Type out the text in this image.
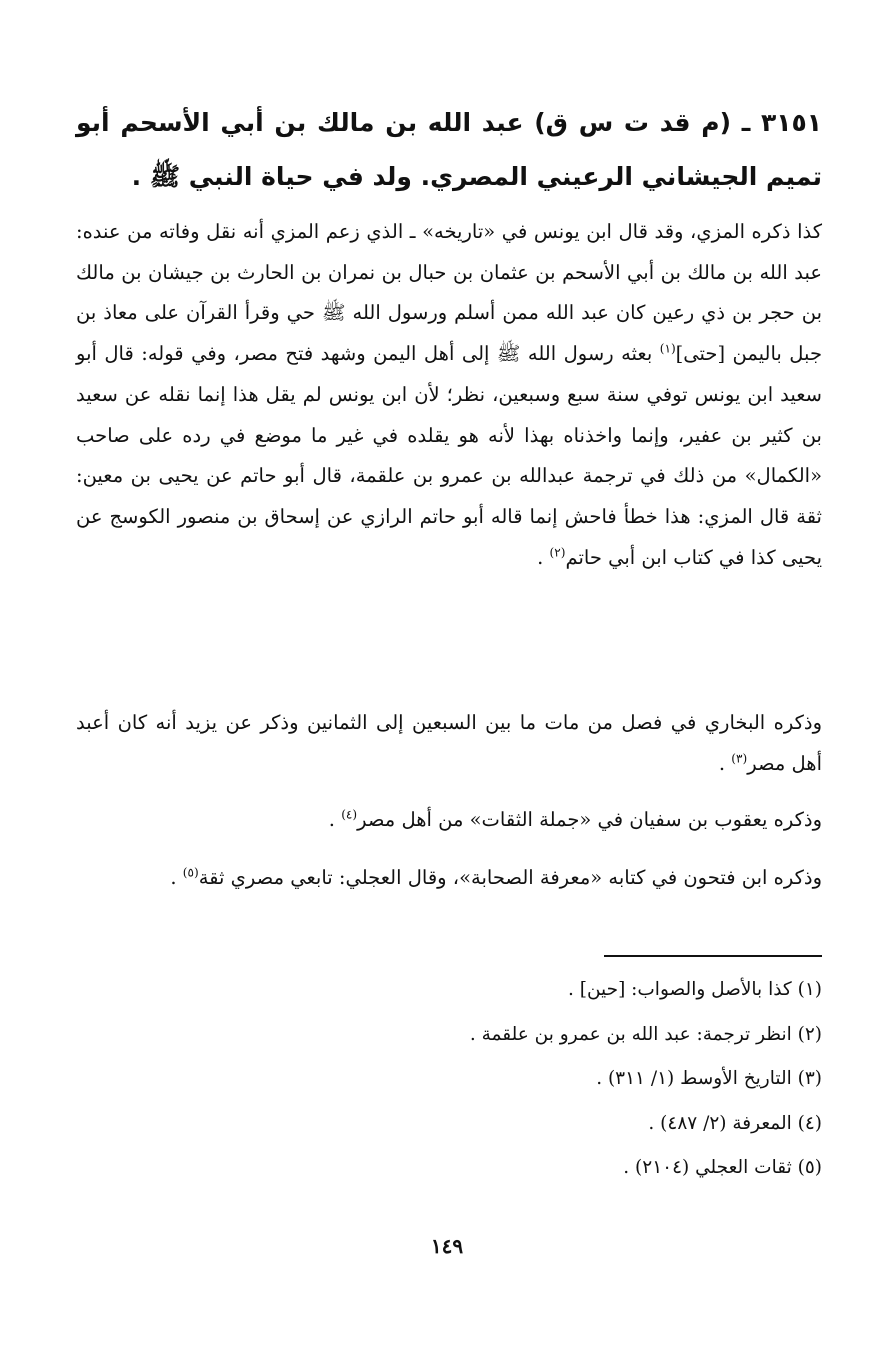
٣١٥١ ـ (م قد ت س ق) عبد الله بن مالك بن أبي الأسحم أبو تميم الجيشاني الرعيني المصري. ولد في حياة النبي ﷺ .

كذا ذكره المزي، وقد قال ابن يونس في «تاريخه» ـ الذي زعم المزي أنه نقل وفاته من عنده: عبد الله بن مالك بن أبي الأسحم بن عثمان بن حبال بن نمران بن الحارث بن جيشان بن مالك بن حجر بن ذي رعين كان عبد الله ممن أسلم ورسول الله ﷺ حي وقرأ القرآن على معاذ بن جبل باليمن [حتى]$^{(١)}$ بعثه رسول الله ﷺ إلى أهل اليمن وشهد فتح مصر، وفي قوله: قال أبو سعيد ابن يونس توفي سنة سبع وسبعين، نظر؛ لأن ابن يونس لم يقل هذا إنما نقله عن سعيد بن كثير بن عفير، وإنما واخذناه بهذا لأنه هو يقلده في غير ما موضع في رده على صاحب «الكمال» من ذلك في ترجمة عبدالله بن عمرو بن علقمة، قال أبو حاتم عن يحيى بن معين: ثقة قال المزي: هذا خطأ فاحش إنما قاله أبو حاتم الرازي عن إسحاق بن منصور الكوسج عن يحيى كذا في كتاب ابن أبي حاتم$^{(٢)}$ .

وذكره البخاري في فصل من مات ما بين السبعين إلى الثمانين وذكر عن يزيد أنه كان أعبد أهل مصر$^{(٣)}$ .

وذكره يعقوب بن سفيان في «جملة الثقات» من أهل مصر$^{(٤)}$ .

وذكره ابن فتحون في كتابه «معرفة الصحابة»، وقال العجلي: تابعي مصري ثقة$^{(٥)}$ .

(١) كذا بالأصل والصواب: [حين] .
(٢) انظر ترجمة: عبد الله بن عمرو بن علقمة .
(٣) التاريخ الأوسط (١/ ٣١١) .
(٤) المعرفة (٢/ ٤٨٧) .
(٥) ثقات العجلي (٢١٠٤) .
١٤٩
